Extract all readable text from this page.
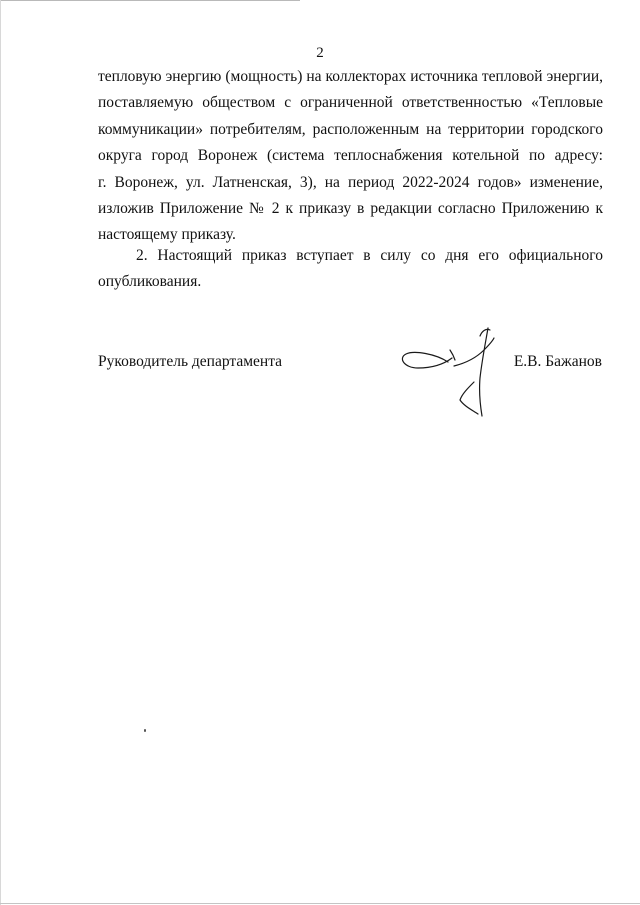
2
тепловую энергию (мощность) на коллекторах источника тепловой энергии,
поставляемую обществом с ограниченной ответственностью «Тепловые
коммуникации» потребителям, расположенным на территории городского
округа город Воронеж (система теплоснабжения котельной по адресу:
г. Воронеж, ул. Латненская, 3), на период 2022-2024 годов» изменение,
изложив Приложение № 2 к приказу в редакции согласно Приложению к
настоящему приказу.
2. Настоящий приказ вступает в силу со дня его официального
опубликования.
Руководитель департамента	Е.В. Бажанов
